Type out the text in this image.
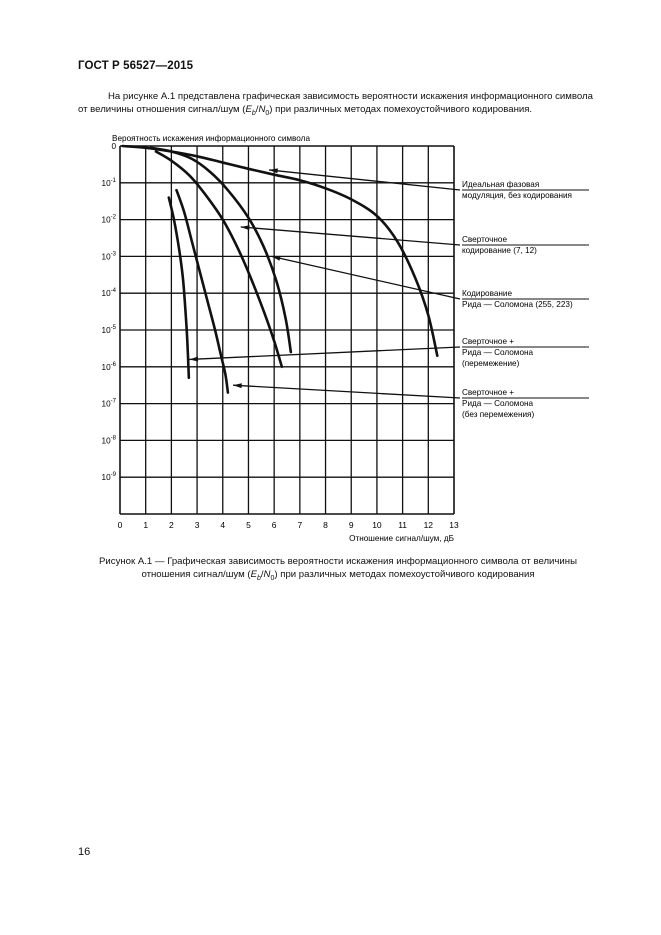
ГОСТ Р 56527—2015

На рисунке А.1 представлена графическая зависимость вероятности искажения информационного символа

от величины отношения сигнал/шум $(E_b/N_0)$ при различных методах помехоустойчивого кодирования.

Вероятность искажения информационного символа
Отношение сигнал/шум, дБ
0
$10^{-1}$
$10^{-2}$
$10^{-3}$
$10^{-4}$
$10^{-5}$
$10^{-6}$
$10^{-7}$
$10^{-8}$
$10^{-9}$
0 1 2 3 4 5 6 7 8 9 10 11 12 13
Идеальная фазовая
модуляция, без кодирования
Сверточное
кодирование (7, 12)
Кодирование
Рида — Соломона (255, 223)
Сверточное +
Рида — Соломона
(перемежение)
Сверточное +
Рида — Соломона
(без перемежения)

Рисунок А.1 — Графическая зависимость вероятности искажения информационного символа от величины

отношения сигнал/шум $(E_b/N_0)$ при различных методах помехоустойчивого кодирования

16
